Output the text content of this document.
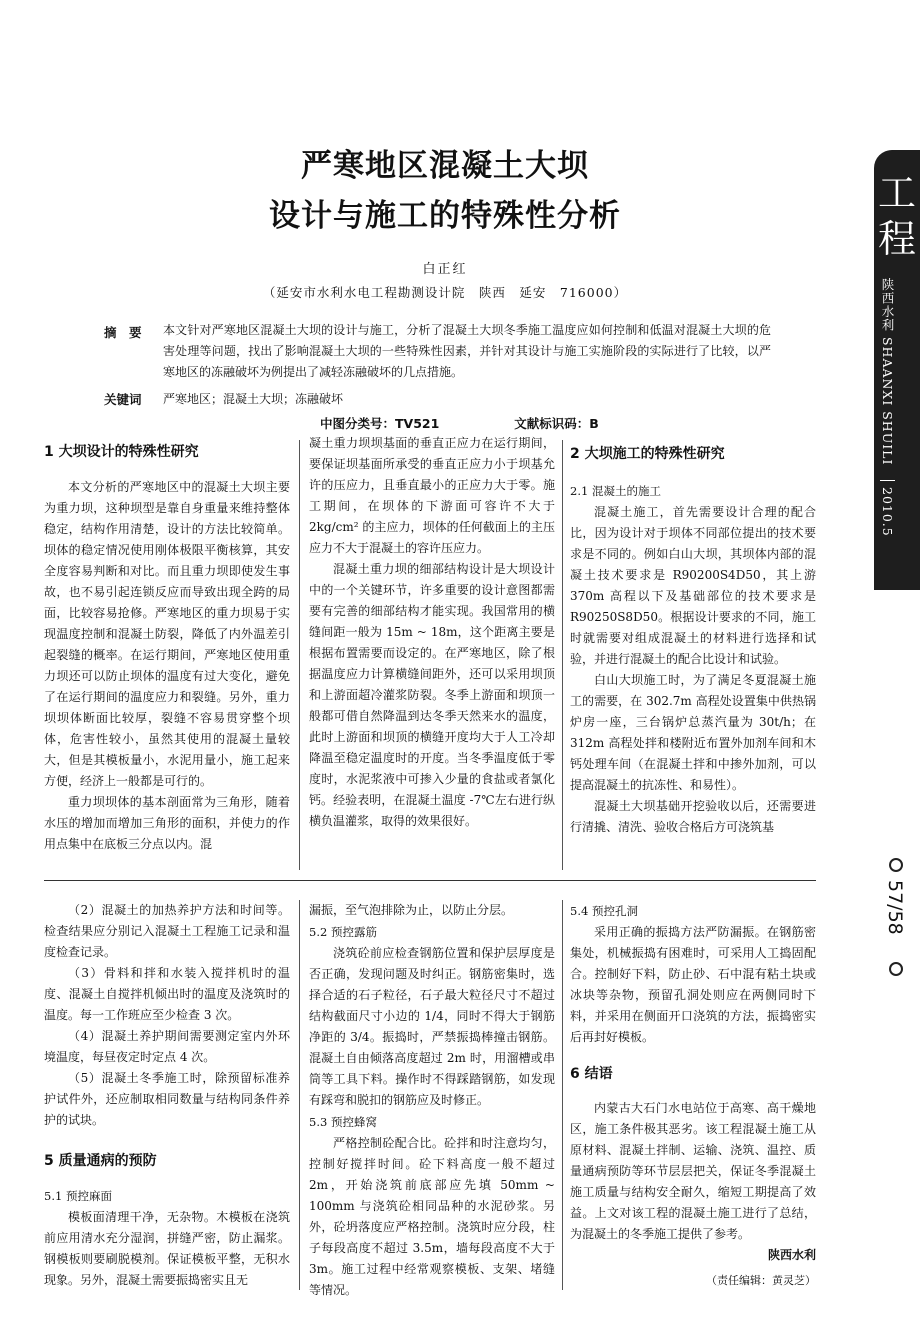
严寒地区混凝土大坝
设计与施工的特殊性分析
白正红
（延安市水利水电工程勘测设计院　陕西　延安　716000）
摘　要 本文针对严寒地区混凝土大坝的设计与施工，分析了混凝土大坝冬季施工温度应如何控制和低温对混凝土大坝的危害处理等问题，找出了影响混凝土大坝的一些特殊性因素，并针对其设计与施工实施阶段的实际进行了比较，以严寒地区的冻融破坏为例提出了减轻冻融破坏的几点措施。
关键词 严寒地区；混凝土大坝；冻融破坏
中图分类号：TV521	文献标识码：B
1 大坝设计的特殊性研究

本文分析的严寒地区中的混凝土大坝主要为重力坝，这种坝型是靠自身重量来维持整体稳定，结构作用清楚，设计的方法比较简单。坝体的稳定情况使用刚体极限平衡核算，其安全度容易判断和对比。而且重力坝即使发生事故，也不易引起连锁反应而导致出现全跨的局面，比较容易抢修。严寒地区的重力坝易于实现温度控制和混凝土防裂，降低了内外温差引起裂缝的概率。在运行期间，严寒地区使用重力坝还可以防止坝体的温度有过大变化，避免了在运行期间的温度应力和裂缝。另外，重力坝坝体断面比较厚，裂缝不容易贯穿整个坝体，危害性较小，虽然其使用的混凝土量较大，但是其模板量小，水泥用量小，施工起来方便，经济上一般都是可行的。

重力坝坝体的基本剖面常为三角形，随着水压的增加而增加三角形的面积，并使力的作用点集中在底板三分点以内。混

凝土重力坝坝基面的垂直正应力在运行期间，要保证坝基面所承受的垂直正应力小于坝基允许的压应力，且垂直最小的正应力大于零。施工期间，在坝体的下游面可容许不大于 2kg/cm² 的主应力，坝体的任何截面上的主压应力不大于混凝土的容许压应力。

混凝土重力坝的细部结构设计是大坝设计中的一个关键环节，许多重要的设计意图都需要有完善的细部结构才能实现。我国常用的横缝间距一般为 15m ~ 18m，这个距离主要是根据布置需要而设定的。在严寒地区，除了根据温度应力计算横缝间距外，还可以采用坝顶和上游面超冷灌浆防裂。冬季上游面和坝顶一般都可借自然降温到达冬季天然来水的温度，此时上游面和坝顶的横缝开度均大于人工冷却降温至稳定温度时的开度。当冬季温度低于零度时，水泥浆液中可掺入少量的食盐或者氯化钙。经验表明，在混凝土温度 -7℃左右进行纵横负温灌浆，取得的效果很好。

2 大坝施工的特殊性研究
2.1 混凝土的施工

混凝土施工，首先需要设计合理的配合比，因为设计对于坝体不同部位提出的技术要求是不同的。例如白山大坝，其坝体内部的混凝土技术要求是 R90200S4D50，其上游 370m 高程以下及基础部位的技术要求是 R90250S8D50。根据设计要求的不同，施工时就需要对组成混凝土的材料进行选择和试验，并进行混凝土的配合比设计和试验。

白山大坝施工时，为了满足冬夏混凝土施工的需要，在 302.7m 高程处设置集中供热锅炉房一座，三台锅炉总蒸汽量为 30t/h；在 312m 高程处拌和楼附近布置外加剂车间和木钙处理车间（在混凝土拌和中掺外加剂，可以提高混凝土的抗冻性、和易性）。

混凝土大坝基础开挖验收以后，还需要进行清撬、清洗、验收合格后方可浇筑基

（2）混凝土的加热养护方法和时间等。检查结果应分别记入混凝土工程施工记录和温度检查记录。

（3）骨料和拌和水装入搅拌机时的温度、混凝土自搅拌机倾出时的温度及浇筑时的温度。每一工作班应至少检查 3 次。

（4）混凝土养护期间需要测定室内外环境温度，每昼夜定时定点 4 次。

（5）混凝土冬季施工时，除预留标准养护试件外，还应制取相同数量与结构同条件养护的试块。

5 质量通病的预防
5.1 预控麻面

模板面清理干净，无杂物。木模板在浇筑前应用清水充分湿润，拼缝严密，防止漏浆。钢模板则要刷脱模剂。保证模板平整，无积水现象。另外，混凝土需要振捣密实且无

漏振，至气泡排除为止，以防止分层。

5.2 预控露筋

浇筑砼前应检查钢筋位置和保护层厚度是否正确，发现问题及时纠正。钢筋密集时，选择合适的石子粒径，石子最大粒径尺寸不超过结构截面尺寸小边的 1/4，同时不得大于钢筋净距的 3/4。振捣时，严禁振捣棒撞击钢筋。混凝土自由倾落高度超过 2m 时，用溜槽或串筒等工具下料。操作时不得踩踏钢筋，如发现有踩弯和脱扣的钢筋应及时修正。

5.3 预控蜂窝

严格控制砼配合比。砼拌和时注意均匀，控制好搅拌时间。砼下料高度一般不超过 2m，开始浇筑前底部应先填 50mm ~ 100mm 与浇筑砼相同品种的水泥砂浆。另外，砼坍落度应严格控制。浇筑时应分段，柱子每段高度不超过 3.5m，墙每段高度不大于 3m。施工过程中经常观察模板、支架、堵缝等情况。

5.4 预控孔洞

采用正确的振捣方法严防漏振。在钢筋密集处，机械振捣有困难时，可采用人工捣固配合。控制好下料，防止砂、石中混有粘土块或冰块等杂物，预留孔洞处则应在两侧同时下料，并采用在侧面开口浇筑的方法，振捣密实后再封好模板。

6 结语

内蒙古大石门水电站位于高寒、高干燥地区，施工条件极其恶劣。该工程混凝土施工从原材料、混凝土拌制、运输、浇筑、温控、质量通病预防等环节层层把关，保证冬季混凝土施工质量与结构安全耐久，缩短工期提高了效益。上文对该工程的混凝土施工进行了总结，为混凝土的冬季施工提供了参考。

陕西水利
（责任编辑：黄灵芝）
工程
陕西水利 SHAANXI SHUILI 2010.5
57/58
